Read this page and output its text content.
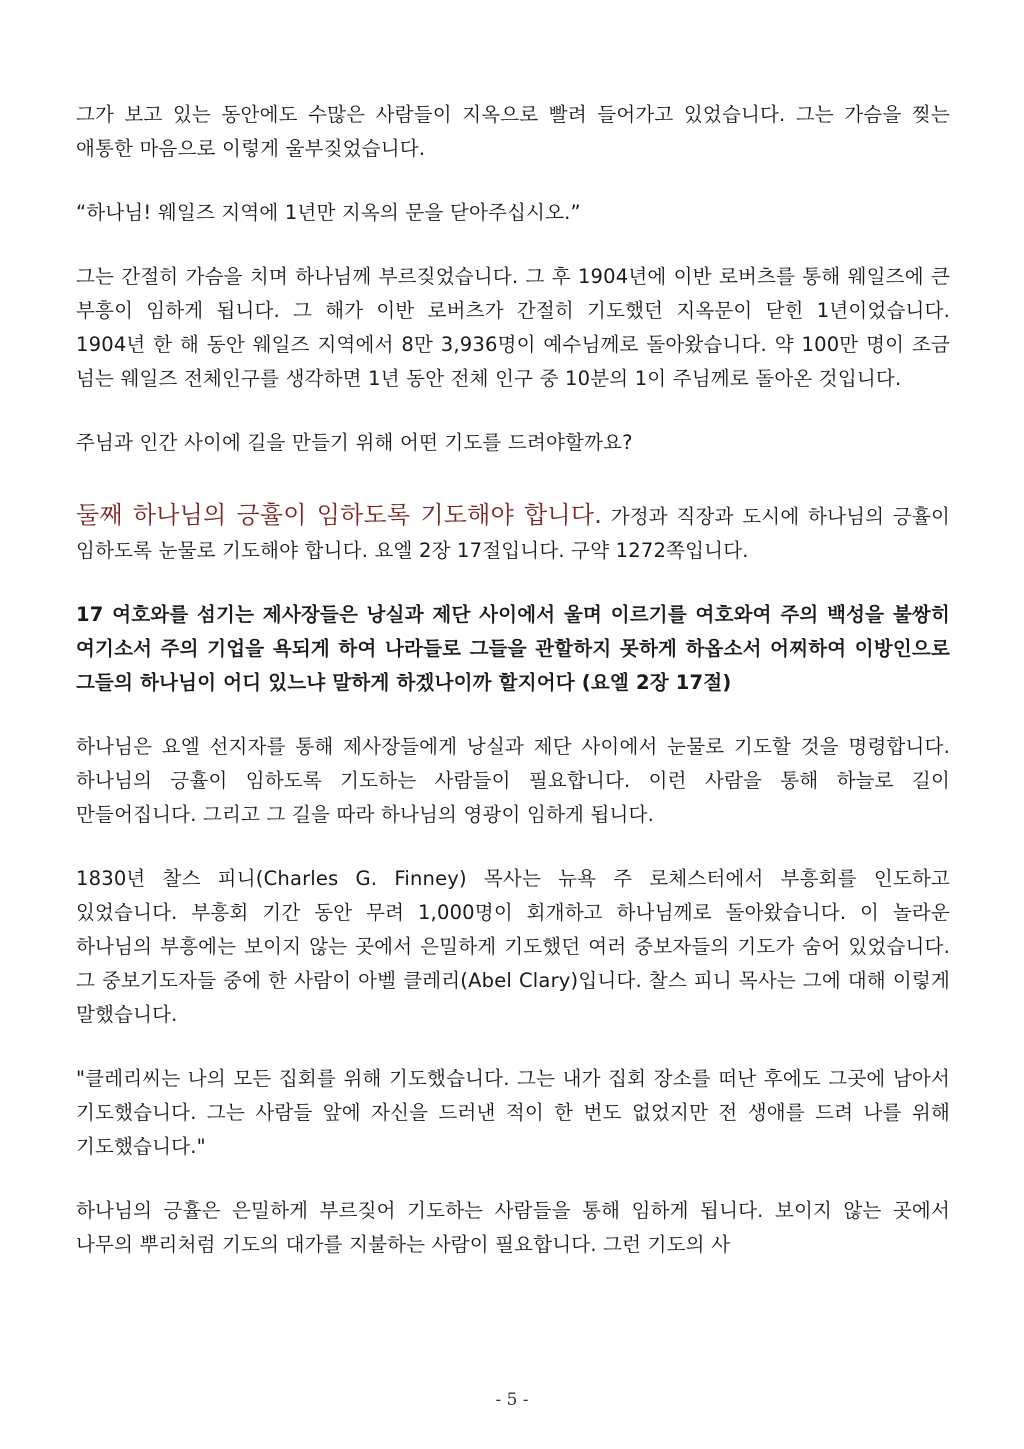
그가 보고 있는 동안에도 수많은 사람들이 지옥으로 빨려 들어가고 있었습니다. 그는 가슴을 찢는 애통한 마음으로 이렇게 울부짖었습니다.

“하나님! 웨일즈 지역에 1년만 지옥의 문을 닫아주십시오.”

그는 간절히 가슴을 치며 하나님께 부르짖었습니다. 그 후 1904년에 이반 로버츠를 통해 웨일즈에 큰 부흥이 임하게 됩니다. 그 해가 이반 로버츠가 간절히 기도했던 지옥문이 닫힌 1년이었습니다. 1904년 한 해 동안 웨일즈 지역에서 8만 3,936명이 예수님께로 돌아왔습니다. 약 100만 명이 조금 넘는 웨일즈 전체인구를 생각하면 1년 동안 전체 인구 중 10분의 1이 주님께로 돌아온 것입니다.

주님과 인간 사이에 길을 만들기 위해 어떤 기도를 드려야할까요?

둘째 하나님의 긍휼이 임하도록 기도해야 합니다. 가정과 직장과 도시에 하나님의 긍휼이 임하도록 눈물로 기도해야 합니다. 요엘 2장 17절입니다. 구약 1272쪽입니다.

17 여호와를 섬기는 제사장들은 낭실과 제단 사이에서 울며 이르기를 여호와여 주의 백성을 불쌍히 여기소서 주의 기업을 욕되게 하여 나라들로 그들을 관할하지 못하게 하옵소서 어찌하여 이방인으로 그들의 하나님이 어디 있느냐 말하게 하겠나이까 할지어다 (요엘 2장 17절)

하나님은 요엘 선지자를 통해 제사장들에게 낭실과 제단 사이에서 눈물로 기도할 것을 명령합니다. 하나님의 긍휼이 임하도록 기도하는 사람들이 필요합니다. 이런 사람을 통해 하늘로 길이 만들어집니다. 그리고 그 길을 따라 하나님의 영광이 임하게 됩니다.

1830년 찰스 피니(Charles G. Finney) 목사는 뉴욕 주 로체스터에서 부흥회를 인도하고 있었습니다. 부흥회 기간 동안 무려 1,000명이 회개하고 하나님께로 돌아왔습니다. 이 놀라운 하나님의 부흥에는 보이지 않는 곳에서 은밀하게 기도했던 여러 중보자들의 기도가 숨어 있었습니다. 그 중보기도자들 중에 한 사람이 아벨 클레리(Abel Clary)입니다. 찰스 피니 목사는 그에 대해 이렇게 말했습니다.

"클레리씨는 나의 모든 집회를 위해 기도했습니다. 그는 내가 집회 장소를 떠난 후에도 그곳에 남아서 기도했습니다. 그는 사람들 앞에 자신을 드러낸 적이 한 번도 없었지만 전 생애를 드려 나를 위해 기도했습니다."

하나님의 긍휼은 은밀하게 부르짖어 기도하는 사람들을 통해 임하게 됩니다. 보이지 않는 곳에서 나무의 뿌리처럼 기도의 대가를 지불하는 사람이 필요합니다. 그런 기도의 사

- 5 -
